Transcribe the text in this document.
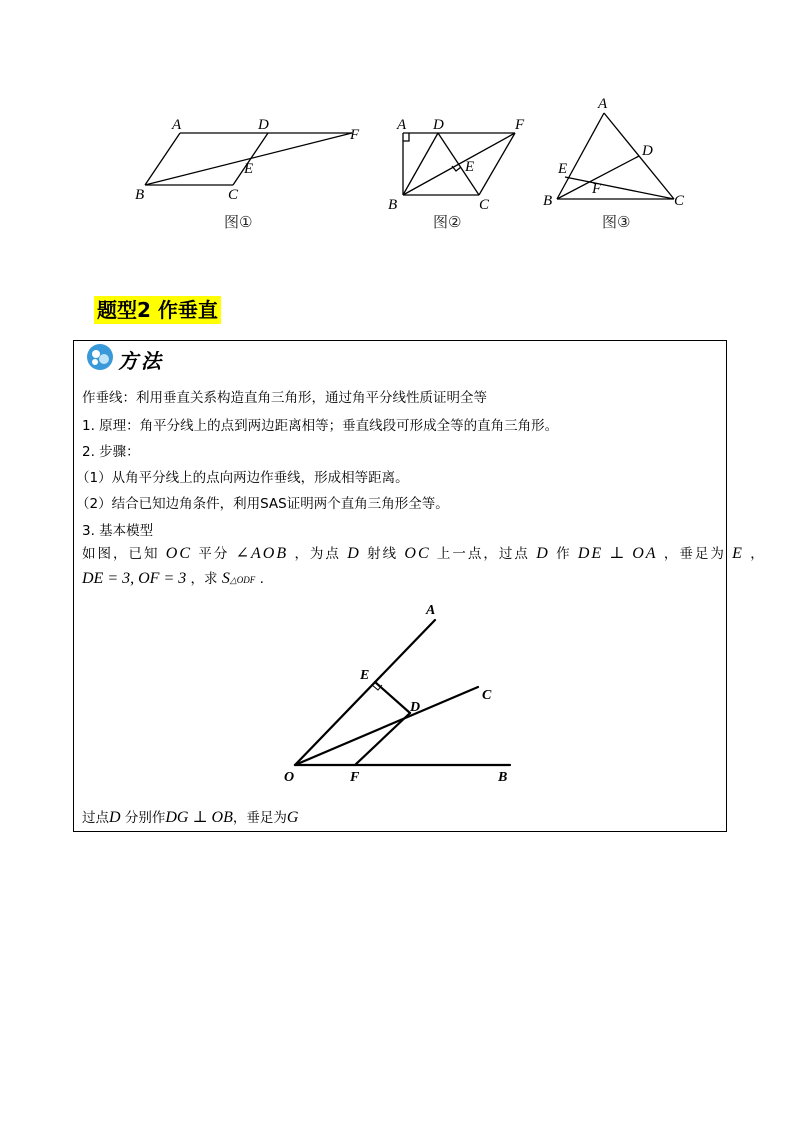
A	D
F
E
B	C
图①
A D	F
E
B	C
图②
A
D
E
F
B	C
图③
题型2 作垂直
方法
作垂线：利用垂直关系构造直角三角形，通过角平分线性质证明全等
1. 原理：角平分线上的点到两边距离相等；垂直线段可形成全等的直角三角形。
2. 步骤：
（1）从角平分线上的点向两边作垂线，形成相等距离。
（2）结合已知边角条件，利用SAS证明两个直角三角形全等。
3. 基本模型
如图，已知 OC 平分 ∠AOB ，为点 D 射线 OC 上一点，过点 D 作 DE ⊥ OA ，垂足为 E ，
DE = 3, OF = 3 ，求 S△ODF .
A
E
C
D
O	F	B
过点D 分别作DG ⊥ OB，垂足为G
